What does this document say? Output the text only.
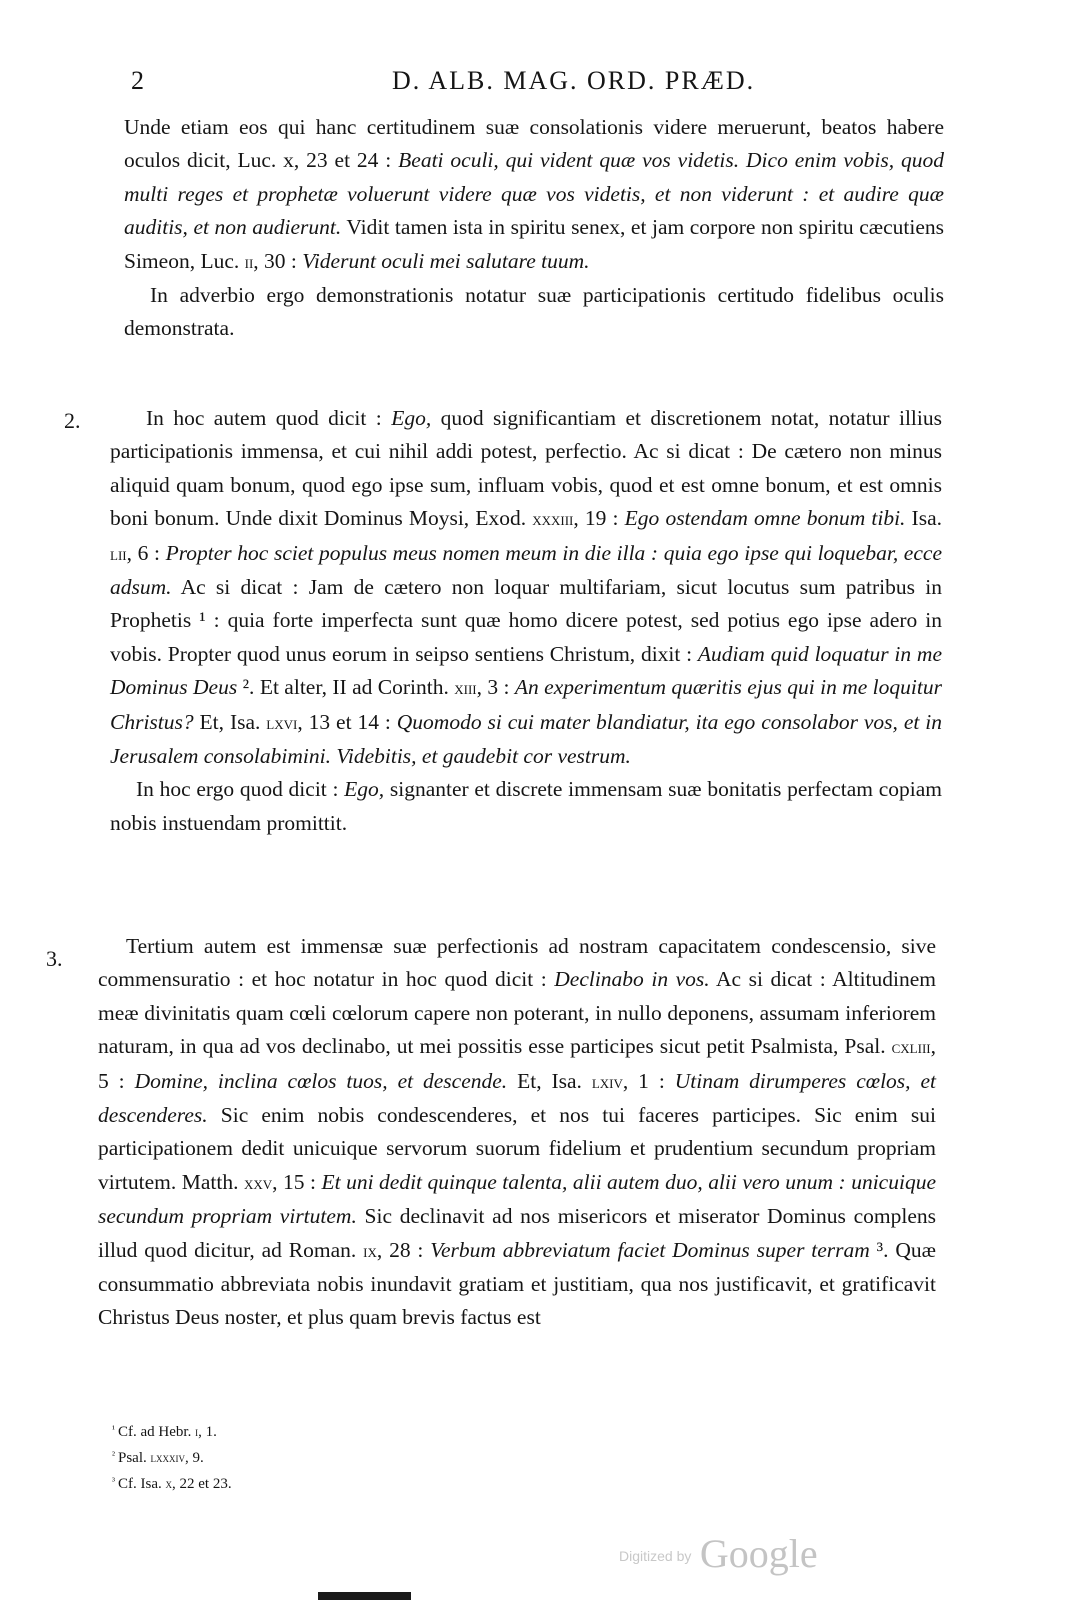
2	D. ALB. MAG. ORD. PRÆD.

Unde etiam eos qui hanc certitudinem suæ consolationis videre meruerunt, beatos habere oculos dicit, Luc. x, 23 et 24 : Beati oculi, qui vident quæ vos videtis. Dico enim vobis, quod multi reges et prophetæ voluerunt videre quæ vos videtis, et non viderunt : et audire quæ auditis, et non audierunt. Vidit tamen ista in spiritu senex, et jam corpore non spiritu cæcutiens Simeon, Luc. ii, 30 : Viderunt oculi mei salutare tuum.

In adverbio ergo demonstrationis notatur suæ participationis certitudo fidelibus oculis demonstrata.

2.	In hoc autem quod dicit : Ego, quod significantiam et discretionem notat, notatur illius participationis immensa, et cui nihil addi potest, perfectio. Ac si dicat : De cætero non minus aliquid quam bonum, quod ego ipse sum, influam vobis, quod et est omne bonum, et est omnis boni bonum. Unde dixit Dominus Moysi, Exod. xxxiii, 19 : Ego ostendam omne bonum tibi. Isa. lii, 6 : Propter hoc sciet populus meus nomen meum in die illa : quia ego ipse qui loquebar, ecce adsum. Ac si dicat : Jam de cætero non loquar multifariam, sicut locutus sum patribus in Prophetis ¹ : quia forte imperfecta sunt quæ homo dicere potest, sed potius ego ipse adero in vobis. Propter quod unus eorum in seipso sentiens Christum, dixit : Audiam quid loquatur in me Dominus Deus ². Et alter, II ad Corinth. xiii, 3 : An experimentum quæritis ejus qui in me loquitur Christus? Et, Isa. lxvi, 13 et 14 : Quomodo si cui mater blandiatur, ita ego consolabor vos, et in Jerusalem consolabimini. Videbitis, et gaudebit cor vestrum.

In hoc ergo quod dicit : Ego, signanter et discrete immensam suæ bonitatis perfectam copiam nobis instuendam promittit.

3.	Tertium autem est immensæ suæ perfectionis ad nostram capacitatem condescensio, sive commensuratio : et hoc notatur in hoc quod dicit : Declinabo in vos. Ac si dicat : Altitudinem meæ divinitatis quam cœli cœlorum capere non poterant, in nullo deponens, assumam inferiorem naturam, in qua ad vos declinabo, ut mei possitis esse participes sicut petit Psalmista, Psal. cxliii, 5 : Domine, inclina cœlos tuos, et descende. Et, Isa. lxiv, 1 : Utinam dirumperes cœlos, et descenderes. Sic enim nobis condescenderes, et nos tui faceres participes. Sic enim sui participationem dedit unicuique servorum suorum fidelium et prudentium secundum propriam virtutem. Matth. xxv, 15 : Et uni dedit quinque talenta, alii autem duo, alii vero unum : unicuique secundum propriam virtutem. Sic declinavit ad nos misericors et miserator Dominus complens illud quod dicitur, ad Roman. ix, 28 : Verbum abbreviatum faciet Dominus super terram ³. Quæ consummatio abbreviata nobis inundavit gratiam et justitiam, qua nos justificavit, et gratificavit Christus Deus noster, et plus quam brevis factus est

$^{^1}$ Cf. ad Hebr. i, 1.
$^{^2}$ Psal. lxxxiv, 9.
$^{^3}$ Cf. Isa. x, 22 et 23.
Digitized by Google
